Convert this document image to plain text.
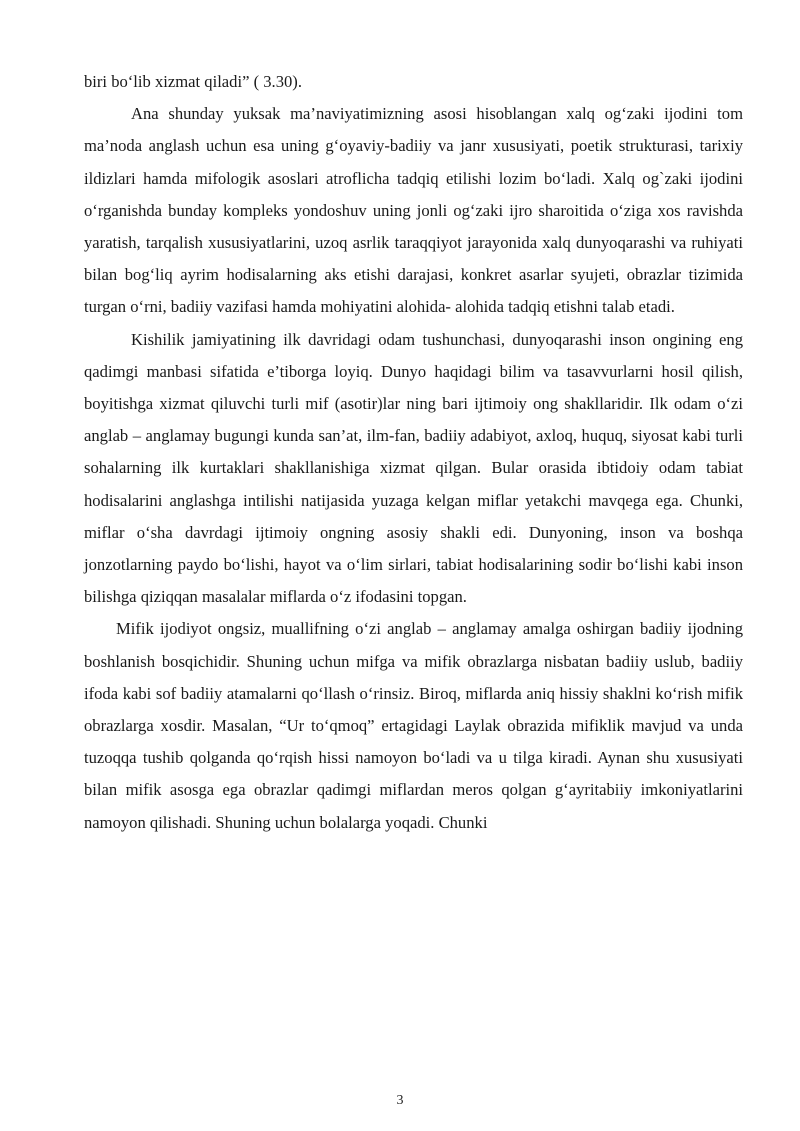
biri bo‘lib xizmat qiladi” ( 3.30).

Ana shunday yuksak ma’naviyatimizning asosi hisoblangan xalq og‘zaki ijodini tom ma’noda anglash uchun esa uning g‘oyaviy-badiiy va janr xususiyati, poetik strukturasi, tarixiy ildizlari hamda mifologik asoslari atroflicha tadqiq etilishi lozim bo‘ladi. Xalq og`zaki ijodini o‘rganishda bunday kompleks yondoshuv uning jonli og‘zaki ijro sharoitida o‘ziga xos ravishda yaratish, tarqalish xususiyatlarini, uzoq asrlik taraqqiyot jarayonida xalq dunyoqarashi va ruhiyati bilan bog‘liq ayrim hodisalarning aks etishi darajasi, konkret asarlar syujeti, obrazlar tizimida turgan o‘rni, badiiy vazifasi hamda mohiyatini alohida- alohida tadqiq etishni talab etadi.

Kishilik jamiyatining ilk davridagi odam tushunchasi, dunyoqarashi inson ongining eng qadimgi manbasi sifatida e’tiborga loyiq. Dunyo haqidagi bilim va tasavvurlarni hosil qilish, boyitishga xizmat qiluvchi turli mif (asotir)lar ning bari ijtimoiy ong shakllaridir. Ilk odam o‘zi anglab – anglamay bugungi kunda san’at, ilm-fan, badiiy adabiyot, axloq, huquq, siyosat kabi turli sohalarning ilk kurtaklari shakllanishiga xizmat qilgan. Bular orasida ibtidoiy odam tabiat hodisalarini anglashga intilishi natijasida yuzaga kelgan miflar yetakchi mavqega ega. Chunki, miflar o‘sha davrdagi ijtimoiy ongning asosiy shakli edi. Dunyoning, inson va boshqa jonzotlarning paydo bo‘lishi, hayot va o‘lim sirlari, tabiat hodisalarining sodir bo‘lishi kabi inson bilishga qiziqqan masalalar miflarda o‘z ifodasini topgan.

Mifik ijodiyot ongsiz, muallifning o‘zi anglab – anglamay amalga oshirgan badiiy ijodning boshlanish bosqichidir. Shuning uchun mifga va mifik obrazlarga nisbatan badiiy uslub, badiiy ifoda kabi sof badiiy atamalarni qo‘llash o‘rinsiz. Biroq, miflarda aniq hissiy shaklni ko‘rish mifik obrazlarga xosdir. Masalan, “Ur to‘qmoq” ertagidagi Laylak obrazida mifiklik mavjud va unda tuzoqqa tushib qolganda qo‘rqish hissi namoyon bo‘ladi va u tilga kiradi. Aynan shu xususiyati bilan mifik asosga ega obrazlar qadimgi miflardan meros qolgan g‘ayritabiiy imkoniyatlarini namoyon qilishadi. Shuning uchun bolalarga yoqadi. Chunki

3
